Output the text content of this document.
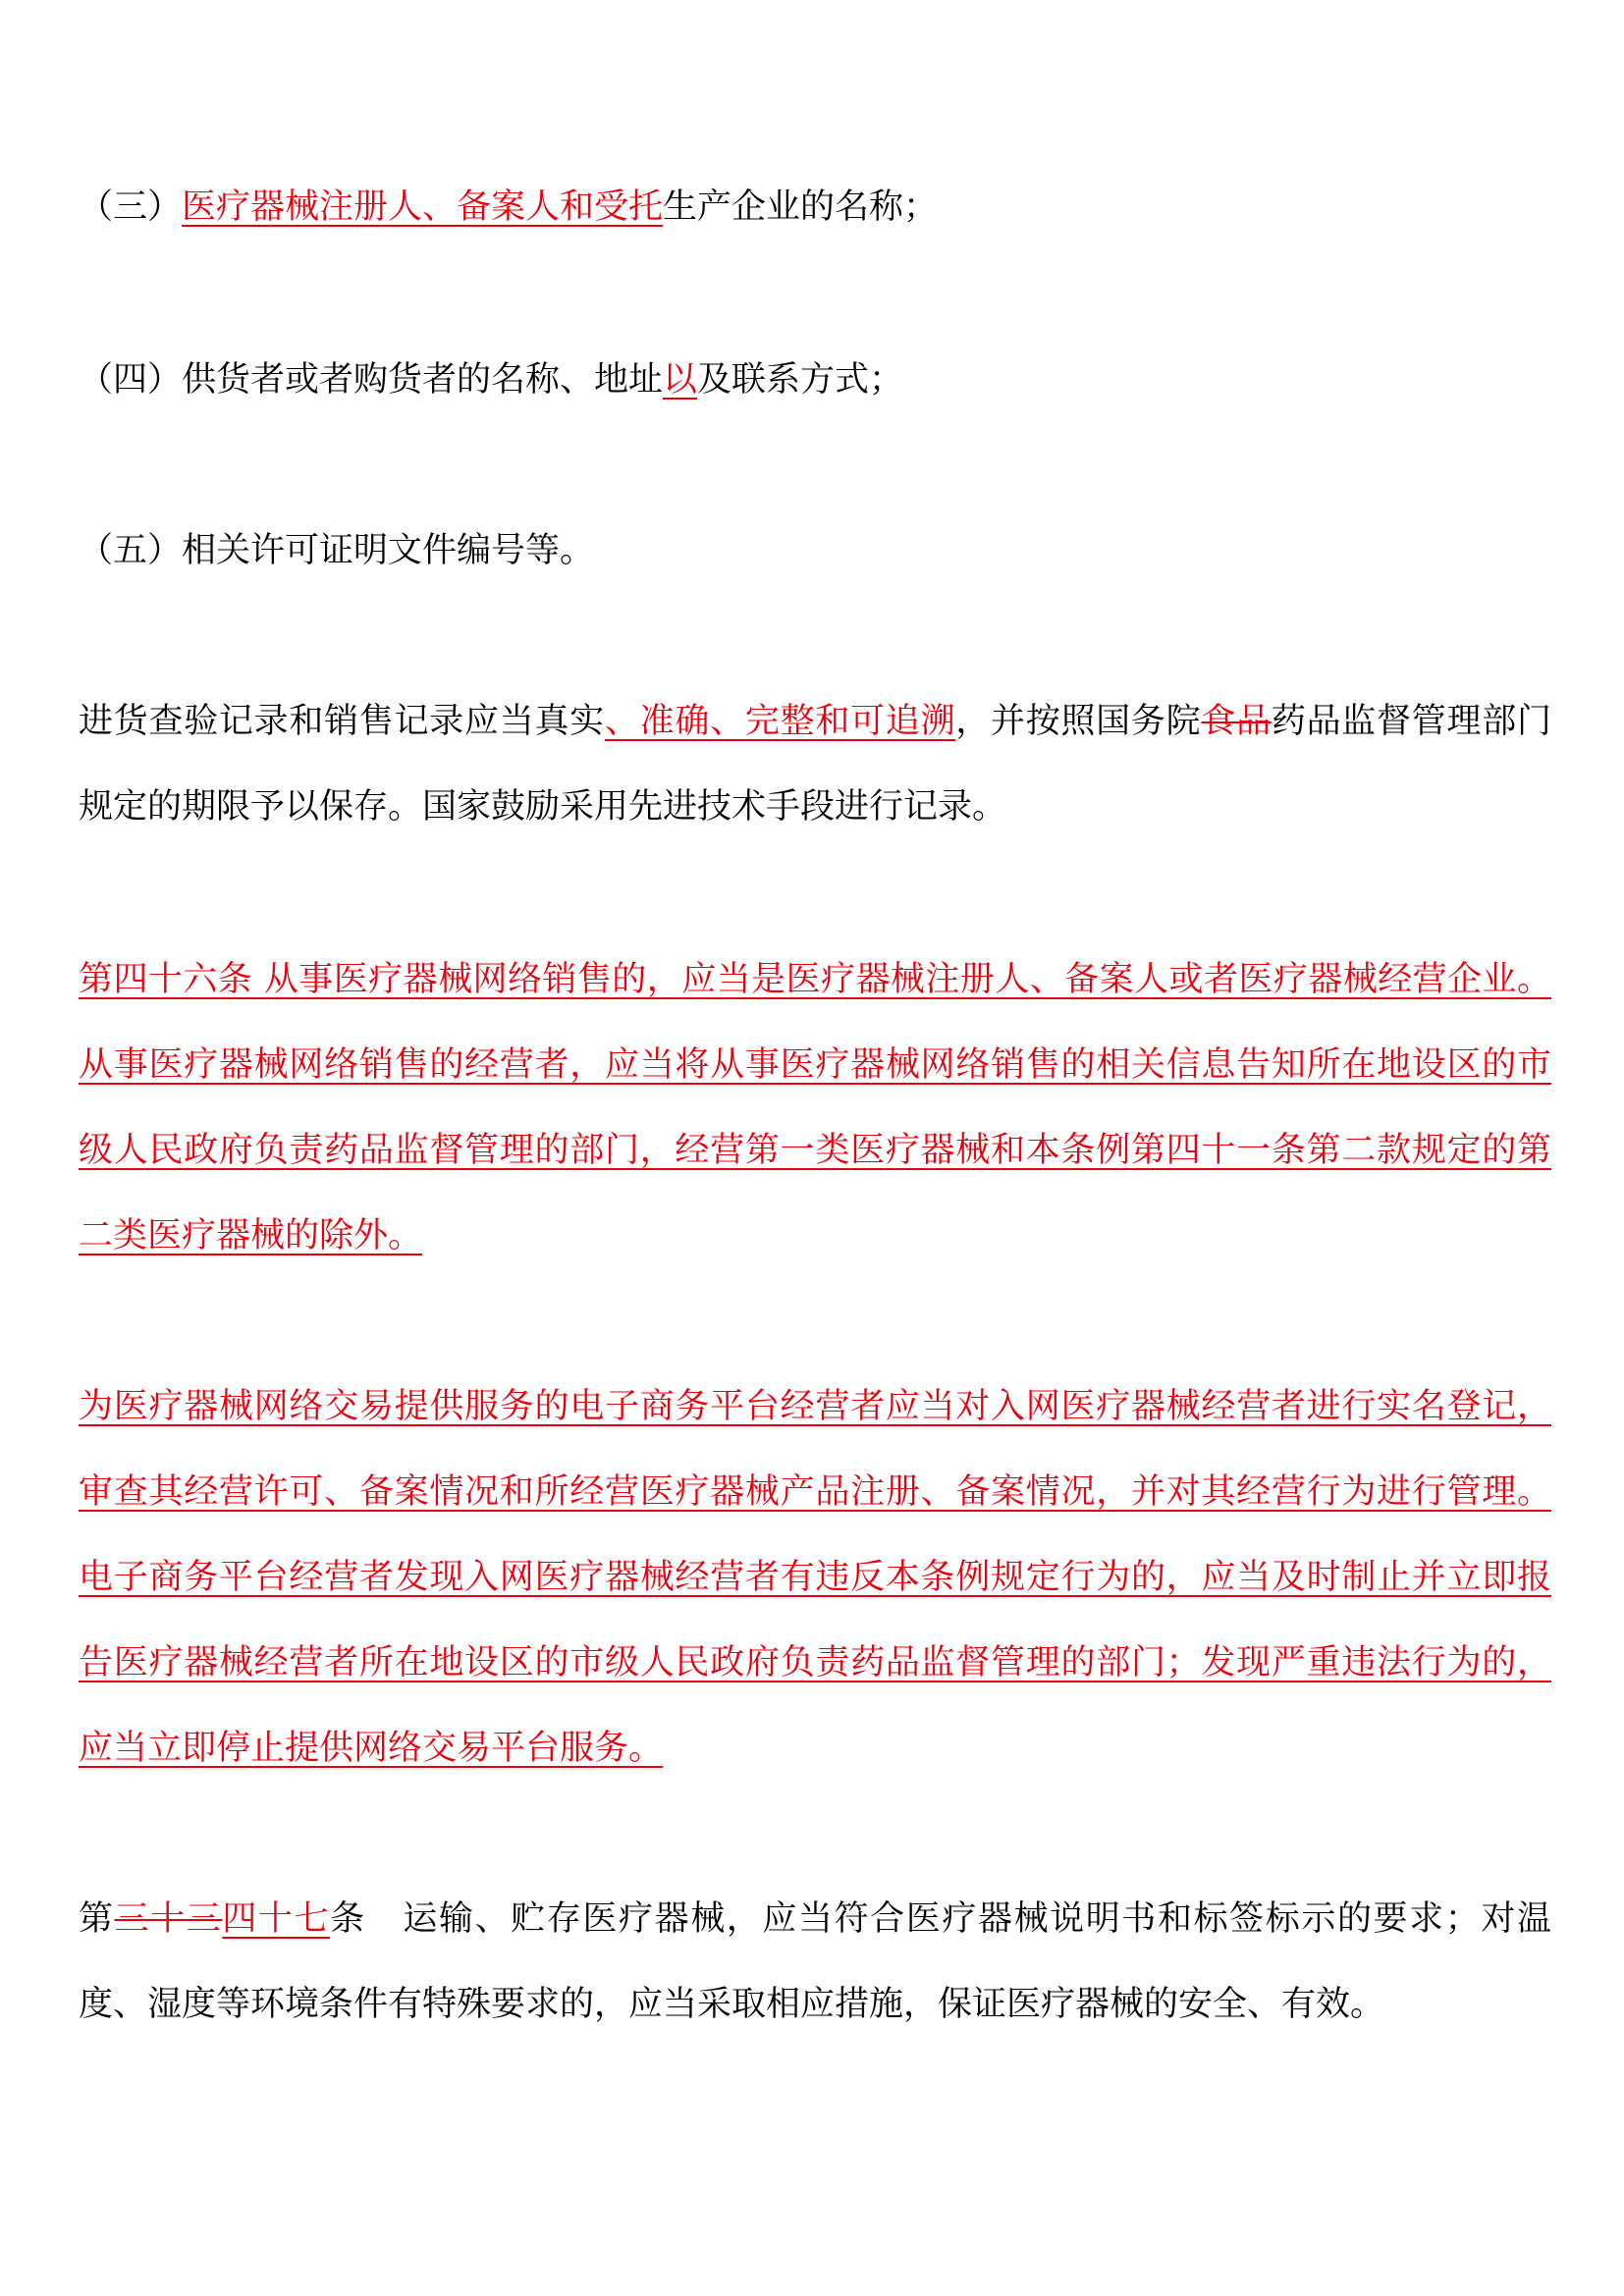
（三）医疗器械注册人、备案人和受托生产企业的名称；

（四）供货者或者购货者的名称、地址以及联系方式；

（五）相关许可证明文件编号等。

进货查验记录和销售记录应当真实、准确、完整和可追溯，并按照国务院食品药品监督管理部门规定的期限予以保存。国家鼓励采用先进技术手段进行记录。

第四十六条 从事医疗器械网络销售的，应当是医疗器械注册人、备案人或者医疗器械经营企业。从事医疗器械网络销售的经营者，应当将从事医疗器械网络销售的相关信息告知所在地设区的市级人民政府负责药品监督管理的部门，经营第一类医疗器械和本条例第四十一条第二款规定的第二类医疗器械的除外。

为医疗器械网络交易提供服务的电子商务平台经营者应当对入网医疗器械经营者进行实名登记，审查其经营许可、备案情况和所经营医疗器械产品注册、备案情况，并对其经营行为进行管理。电子商务平台经营者发现入网医疗器械经营者有违反本条例规定行为的，应当及时制止并立即报告医疗器械经营者所在地设区的市级人民政府负责药品监督管理的部门；发现严重违法行为的，应当立即停止提供网络交易平台服务。

第三十三四十七条 运输、贮存医疗器械，应当符合医疗器械说明书和标签标示的要求；对温度、湿度等环境条件有特殊要求的，应当采取相应措施，保证医疗器械的安全、有效。
